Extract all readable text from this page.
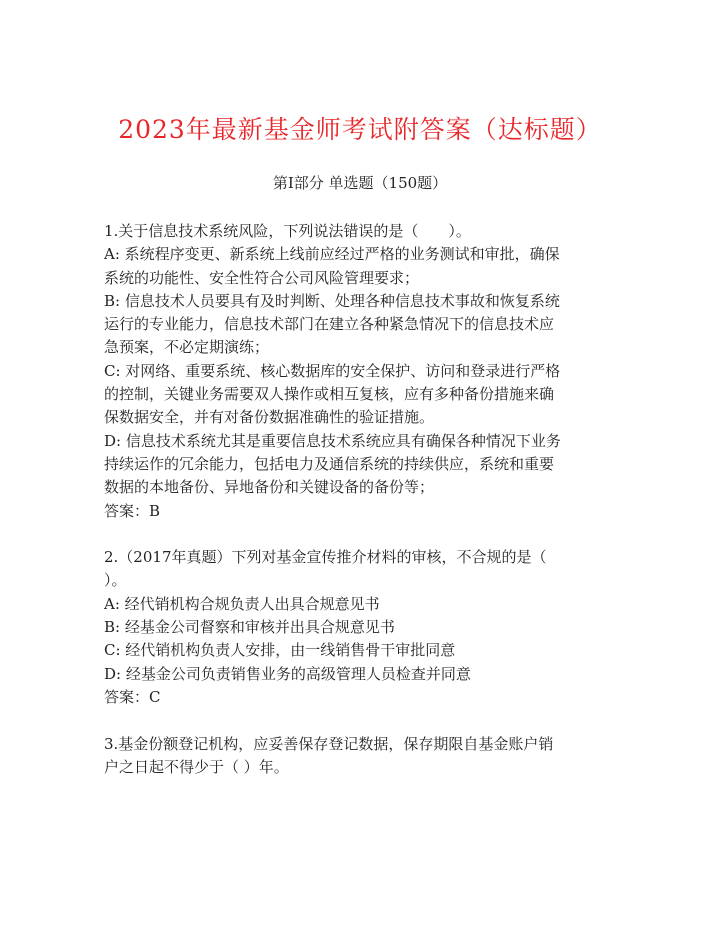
2023年最新基金师考试附答案（达标题）
第I部分 单选题（150题）
1.关于信息技术系统风险，下列说法错误的是（　　）。
A: 系统程序变更、新系统上线前应经过严格的业务测试和审批，确保
系统的功能性、安全性符合公司风险管理要求；
B: 信息技术人员要具有及时判断、处理各种信息技术事故和恢复系统
运行的专业能力，信息技术部门在建立各种紧急情况下的信息技术应
急预案，不必定期演练；
C: 对网络、重要系统、核心数据库的安全保护、访问和登录进行严格
的控制，关键业务需要双人操作或相互复核，应有多种备份措施来确
保数据安全，并有对备份数据准确性的验证措施。
D: 信息技术系统尤其是重要信息技术系统应具有确保各种情况下业务
持续运作的冗余能力，包括电力及通信系统的持续供应，系统和重要
数据的本地备份、异地备份和关键设备的备份等；
答案：B
2.（2017年真题）下列对基金宣传推介材料的审核，不合规的是（
）。
A: 经代销机构合规负责人出具合规意见书
B: 经基金公司督察和审核并出具合规意见书
C: 经代销机构负责人安排，由一线销售骨干审批同意
D: 经基金公司负责销售业务的高级管理人员检查并同意
答案：C
3.基金份额登记机构，应妥善保存登记数据，保存期限自基金账户销
户之日起不得少于（ ）年。
